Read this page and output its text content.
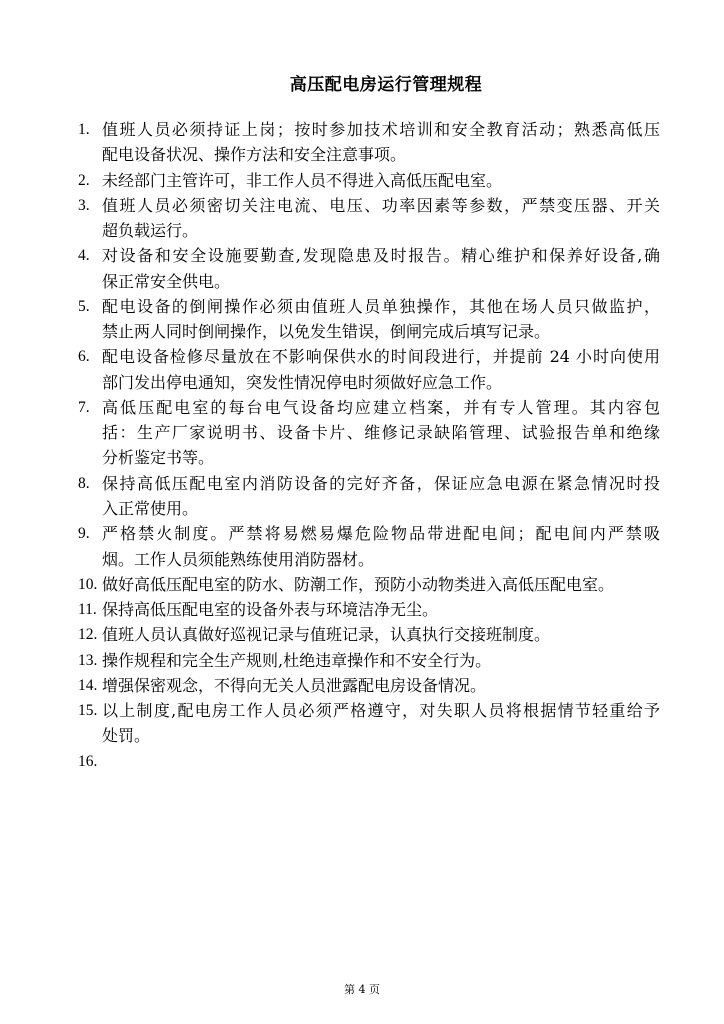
高压配电房运行管理规程
1. 值班人员必须持证上岗；按时参加技术培训和安全教育活动；熟悉高低压
配电设备状况、操作方法和安全注意事项。
2. 未经部门主管许可，非工作人员不得进入高低压配电室。
3. 值班人员必须密切关注电流、电压、功率因素等参数，严禁变压器、开关
超负载运行。
4. 对设备和安全设施要勤查,发现隐患及时报告。精心维护和保养好设备,确
保正常安全供电。
5. 配电设备的倒闸操作必须由值班人员单独操作，其他在场人员只做监护，
禁止两人同时倒闸操作，以免发生错误，倒闸完成后填写记录。
6. 配电设备检修尽量放在不影响保供水的时间段进行，并提前 24 小时向使用
部门发出停电通知，突发性情况停电时须做好应急工作。
7. 高低压配电室的每台电气设备均应建立档案，并有专人管理。其内容包
括：生产厂家说明书、设备卡片、维修记录缺陷管理、试验报告单和绝缘
分析鉴定书等。
8. 保持高低压配电室内消防设备的完好齐备，保证应急电源在紧急情况时投
入正常使用。
9. 严格禁火制度。严禁将易燃易爆危险物品带进配电间；配电间内严禁吸
烟。工作人员须能熟练使用消防器材。
10. 做好高低压配电室的防水、防潮工作，预防小动物类进入高低压配电室。
11. 保持高低压配电室的设备外表与环境洁净无尘。
12. 值班人员认真做好巡视记录与值班记录，认真执行交接班制度。
13. 操作规程和完全生产规则,杜绝违章操作和不安全行为。
14. 增强保密观念，不得向无关人员泄露配电房设备情况。
15. 以上制度,配电房工作人员必须严格遵守，对失职人员将根据情节轻重给予
处罚。
16.
第 4 页
